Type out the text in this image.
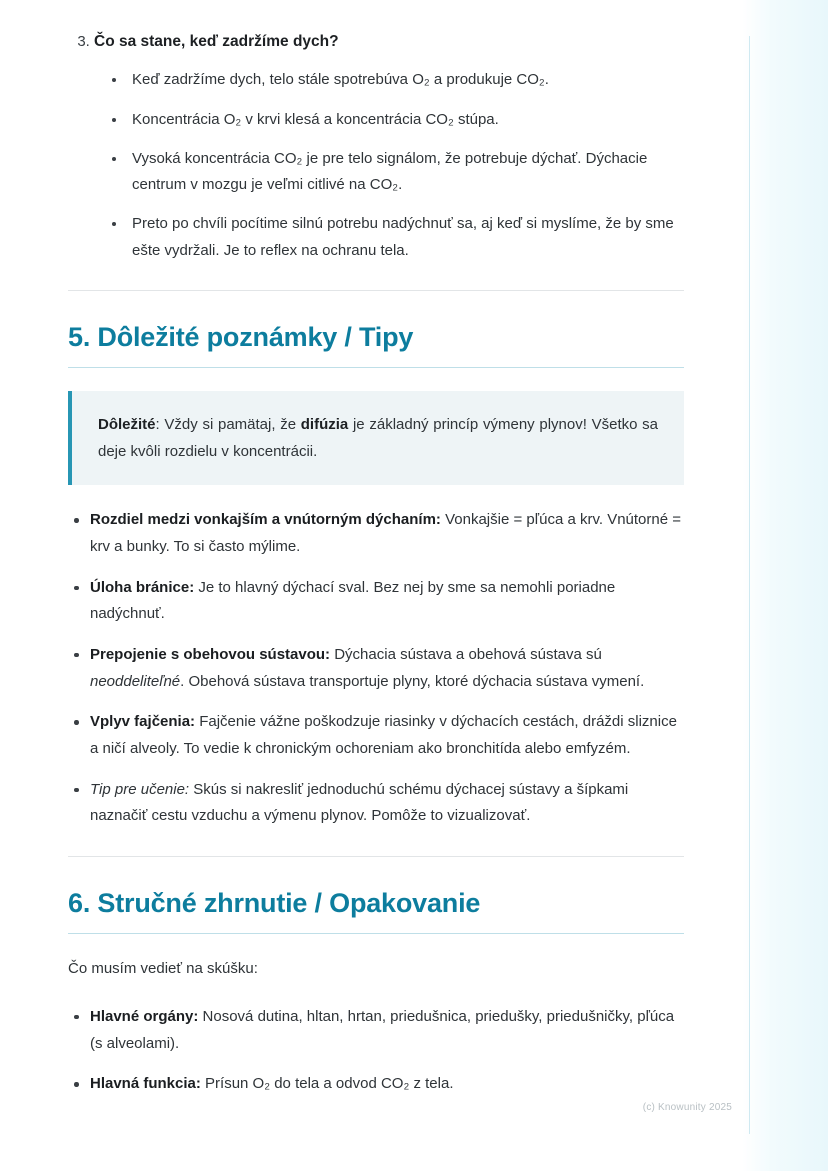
3. Čo sa stane, keď zadržíme dych?
Keď zadržíme dych, telo stále spotrebúva O₂ a produkuje CO₂.
Koncentrácia O₂ v krvi klesá a koncentrácia CO₂ stúpa.
Vysoká koncentrácia CO₂ je pre telo signálom, že potrebuje dýchať. Dýchacie centrum v mozgu je veľmi citlivé na CO₂.
Preto po chvíli pocítime silnú potrebu nadýchnuť sa, aj keď si myslíme, že by sme ešte vydržali. Je to reflex na ochranu tela.
5. Dôležité poznámky / Tipy
Dôležité: Vždy si pamätaj, že difúzia je základný princíp výmeny plynov! Všetko sa deje kvôli rozdielu v koncentrácii.
Rozdiel medzi vonkajším a vnútorným dýchaním: Vonkajšie = pľúca a krv. Vnútorné = krv a bunky. To si často mýlime.
Úloha bránice: Je to hlavný dýchací sval. Bez nej by sme sa nemohli poriadne nadýchnuť.
Prepojenie s obehovou sústavou: Dýchacia sústava a obehová sústava sú neoddeliteľné. Obehová sústava transportuje plyny, ktoré dýchacia sústava vymení.
Vplyv fajčenia: Fajčenie vážne poškodzuje riasinky v dýchacích cestách, dráždi sliznice a ničí alveoly. To vedie k chronickým ochoreniam ako bronchitída alebo emfyzém.
Tip pre učenie: Skús si nakresliť jednoduchú schému dýchacej sústavy a šípkami naznačiť cestu vzduchu a výmenu plynov. Pomôže to vizualizovať.
6. Stručné zhrnutie / Opakovanie

Čo musím vedieť na skúšku:

Hlavné orgány: Nosová dutina, hltan, hrtan, priedušnica, priedušky, priedušničky, pľúca (s alveolami).
Hlavná funkcia: Prísun O₂ do tela a odvod CO₂ z tela.
(c) Knowunity 2025
